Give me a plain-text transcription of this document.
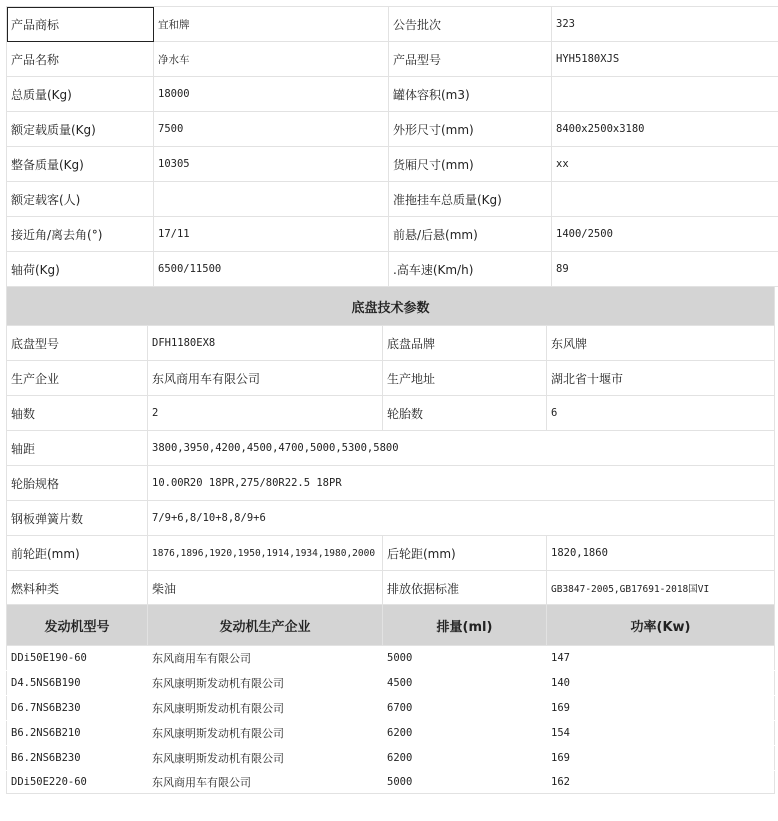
产品商标	宜和牌	公告批次	323
产品名称	净水车	产品型号	HYH5180XJS
总质量(Kg)	18000	罐体容积(m3)	
额定载质量(Kg)	7500	外形尺寸(mm)	8400x2500x3180
整备质量(Kg)	10305	货厢尺寸(mm)	xx
额定载客(人)		准拖挂车总质量(Kg)	
接近角/离去角(°)	17/11	前悬/后悬(mm)	1400/2500
轴荷(Kg)	6500/11500	.高车速(Km/h)	89
底盘技术参数			
底盘型号	DFH1180EX8	底盘品牌	东风牌
生产企业	东风商用车有限公司	生产地址	湖北省十堰市
轴数	2	轮胎数	6
轴距	3800,3950,4200,4500,4700,5000,5300,5800		
轮胎规格	10.00R20 18PR,275/80R22.5 18PR		
钢板弹簧片数	7/9+6,8/10+8,8/9+6		
前轮距(mm)	1876,1896,1920,1950,1914,1934,1980,2000	后轮距(mm)	1820,1860
燃料种类	柴油	排放依据标准	GB3847-2005,GB17691-2018国VI
发动机型号	发动机生产企业	排量(ml)	功率(Kw)
DDi50E190-60	东风商用车有限公司	5000	147
D4.5NS6B190	东风康明斯发动机有限公司	4500	140
D6.7NS6B230	东风康明斯发动机有限公司	6700	169
B6.2NS6B210	东风康明斯发动机有限公司	6200	154
B6.2NS6B230	东风康明斯发动机有限公司	6200	169
DDi50E220-60	东风商用车有限公司	5000	162
